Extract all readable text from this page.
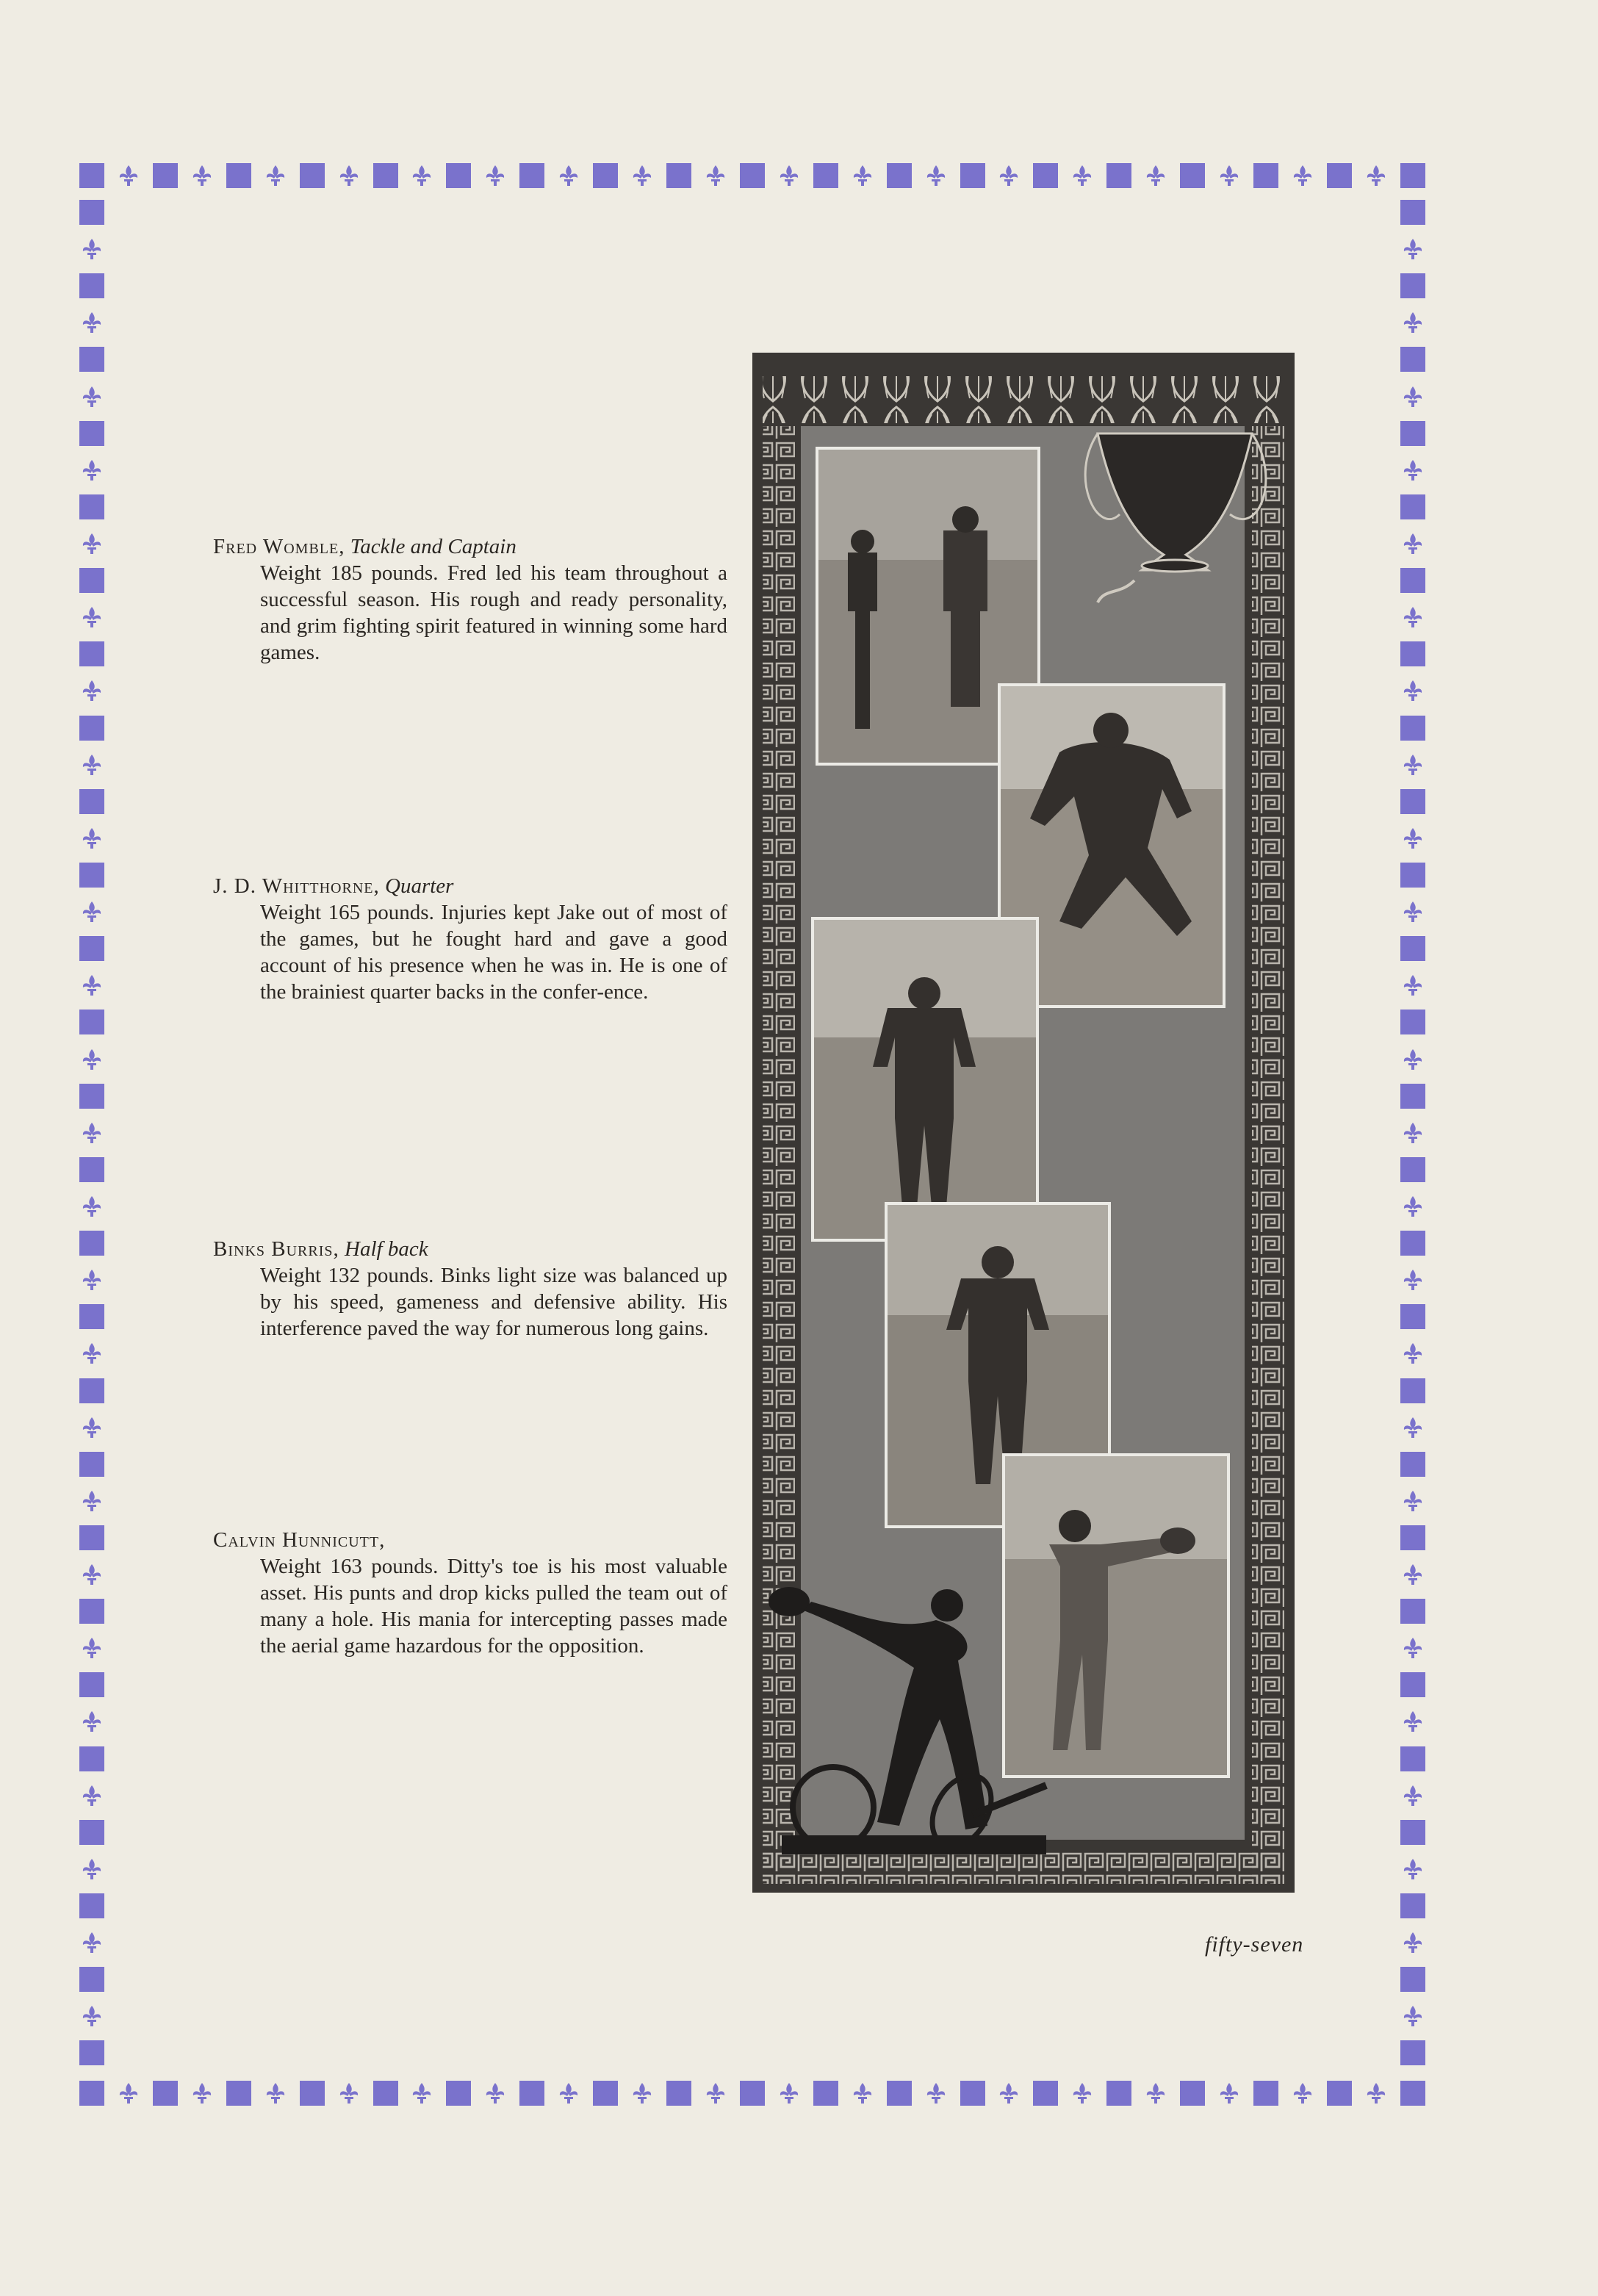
Fred Womble, Tackle and Captain
Weight 185 pounds. Fred led his team throughout a successful season. His rough and ready personality, and grim fighting spirit featured in winning some hard games.
J. D. Whitthorne, Quarter
Weight 165 pounds. Injuries kept Jake out of most of the games, but he fought hard and gave a good account of his presence when he was in. He is one of the brainiest quarter backs in the confer-ence.
Binks Burris, Half back
Weight 132 pounds. Binks light size was balanced up by his speed, gameness and defensive ability. His interference paved the way for numerous long gains.
Calvin Hunnicutt,
Weight 163 pounds. Ditty's toe is his most valuable asset. His punts and drop kicks pulled the team out of many a hole. His mania for intercepting passes made the aerial game hazardous for the opposition.
fifty-seven
